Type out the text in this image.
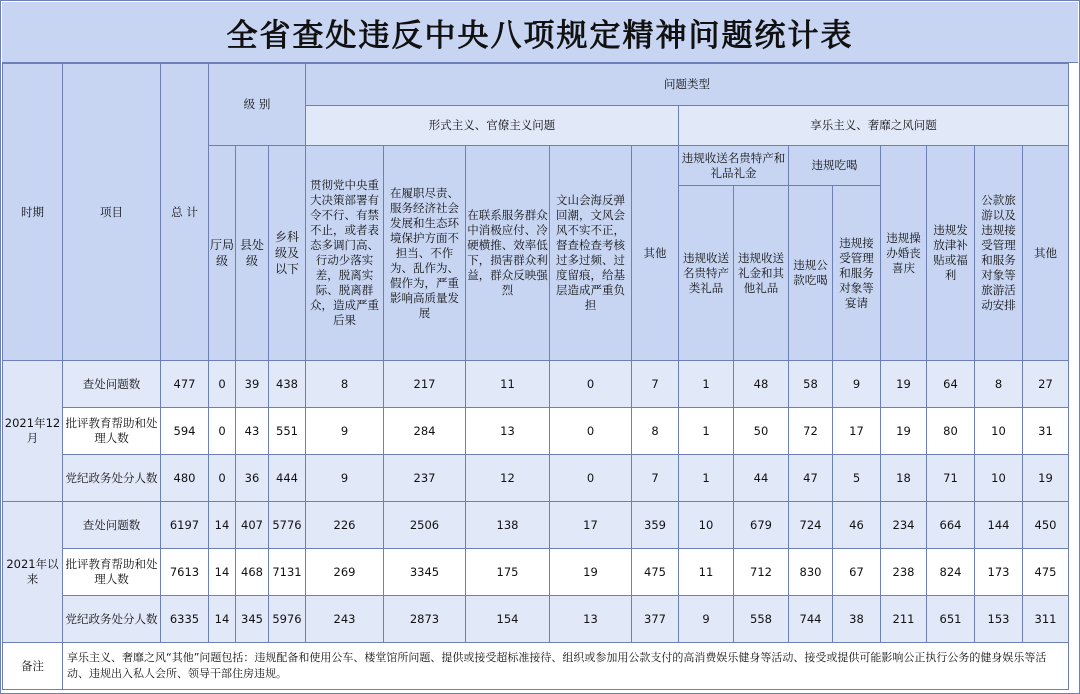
全省查处违反中央八项规定精神问题统计表
时期	项目	总 计	级 别			问题类型												
						形式主义、官僚主义问题					享乐主义、奢靡之风问题							
			厅局级	县处级	乡科级及以下	贯彻党中央重大决策部署有令不行、有禁不止，或者表态多调门高、行动少落实差，脱离实际、脱离群众，造成严重后果	在履职尽责、服务经济社会发展和生态环境保护方面不担当、不作为、乱作为、假作为，严重影响高质量发展	在联系服务群众中消极应付、冷硬横推、效率低下，损害群众利益，群众反映强烈	文山会海反弹回潮，文风会风不实不正，督查检查考核过多过频、过度留痕，给基层造成严重负担	其他	违规收送名贵特产和礼品礼金		违规吃喝		违规操办婚丧喜庆	违规发放津补贴或福利	公款旅游以及违规接受管理和服务对象等旅游活动安排	其他
											违规收送名贵特产类礼品	违规收送礼金和其他礼品	违规公款吃喝	违规接受管理和服务对象等宴请				
2021年12月	查处问题数	477	0	39	438	8	217	11	0	7	1	48	58	9	19	64	8	27
	批评教育帮助和处理人数	594	0	43	551	9	284	13	0	8	1	50	72	17	19	80	10	31
	党纪政务处分人数	480	0	36	444	9	237	12	0	7	1	44	47	5	18	71	10	19
2021年以来	查处问题数	6197	14	407	5776	226	2506	138	17	359	10	679	724	46	234	664	144	450
	批评教育帮助和处理人数	7613	14	468	7131	269	3345	175	19	475	11	712	830	67	238	824	173	475
	党纪政务处分人数	6335	14	345	5976	243	2873	154	13	377	9	558	744	38	211	651	153	311
备注	享乐主义、奢靡之风“其他”问题包括：违规配备和使用公车、楼堂馆所问题、提供或接受超标准接待、组织或参加用公款支付的高消费娱乐健身等活动、接受或提供可能影响公正执行公务的健身娱乐等活动、违规出入私人会所、领导干部住房违规。																	
